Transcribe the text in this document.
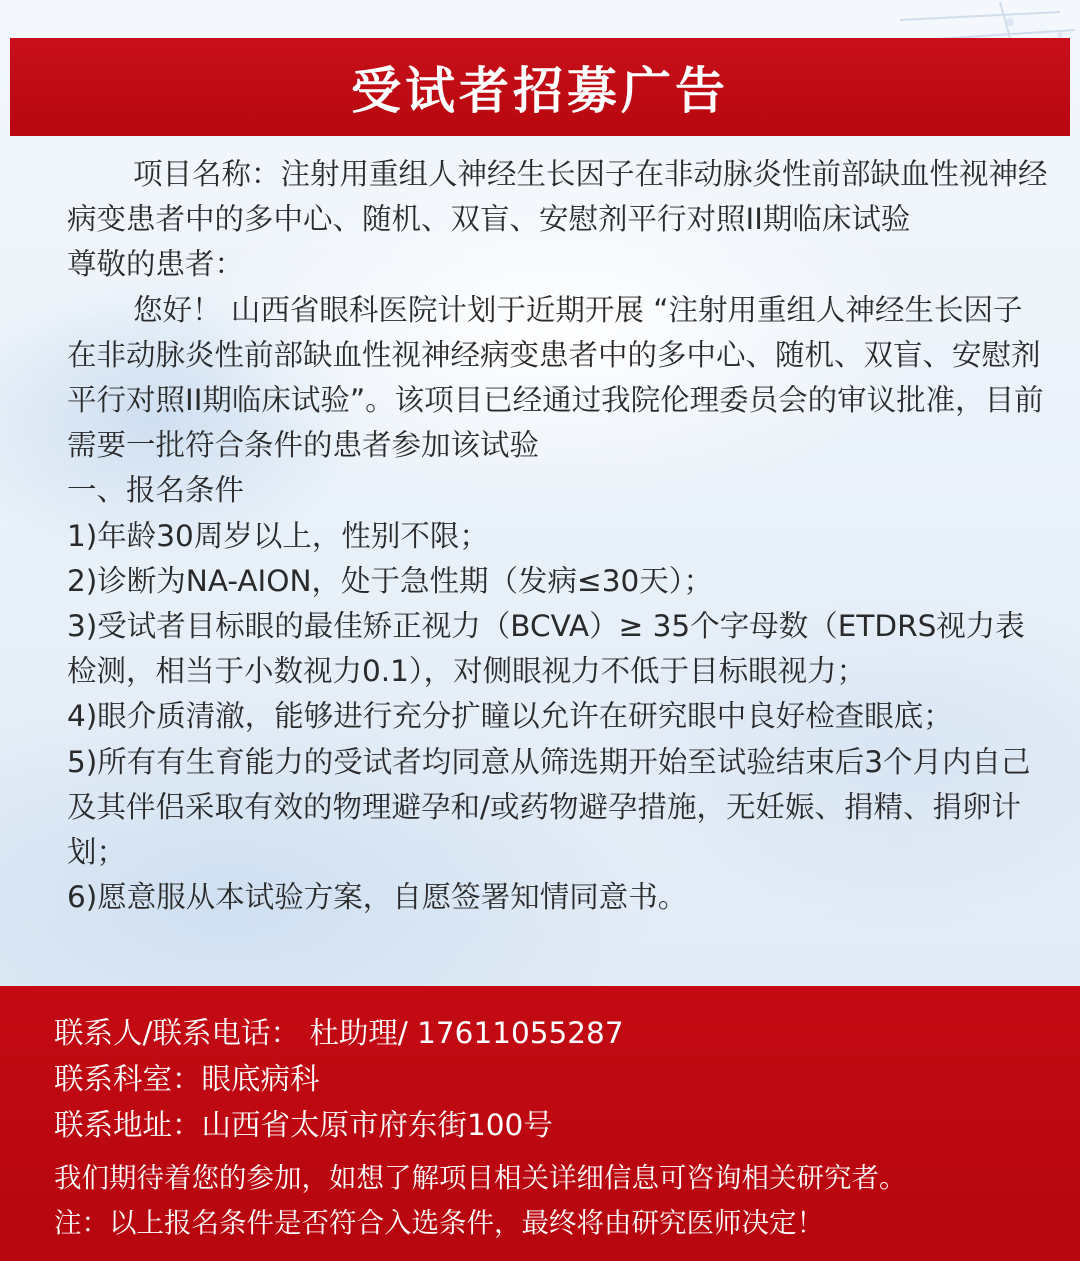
受试者招募广告

项目名称：注射用重组人神经生长因子在非动脉炎性前部缺血性视神经病变患者中的多中心、随机、双盲、安慰剂平行对照II期临床试验

尊敬的患者：

您好！ 山西省眼科医院计划于近期开展 “注射用重组人神经生长因子在非动脉炎性前部缺血性视神经病变患者中的多中心、随机、双盲、安慰剂平行对照II期临床试验”。该项目已经通过我院伦理委员会的审议批准，目前需要一批符合条件的患者参加该试验

一、报名条件

1)年龄30周岁以上，性别不限；

2)诊断为NA-AION，处于急性期（发病≤30天）；

3)受试者目标眼的最佳矫正视力（BCVA）≥ 35个字母数（ETDRS视力表检测，相当于小数视力0.1），对侧眼视力不低于目标眼视力；

4)眼介质清澈，能够进行充分扩瞳以允许在研究眼中良好检查眼底；

5)所有有生育能力的受试者均同意从筛选期开始至试验结束后3个月内自己及其伴侣采取有效的物理避孕和/或药物避孕措施，无妊娠、捐精、捐卵计划；

6)愿意服从本试验方案，自愿签署知情同意书。

联系人/联系电话： 杜助理/ 17611055287

联系科室：眼底病科

联系地址：山西省太原市府东街100号

我们期待着您的参加，如想了解项目相关详细信息可咨询相关研究者。

注：以上报名条件是否符合入选条件，最终将由研究医师决定！
